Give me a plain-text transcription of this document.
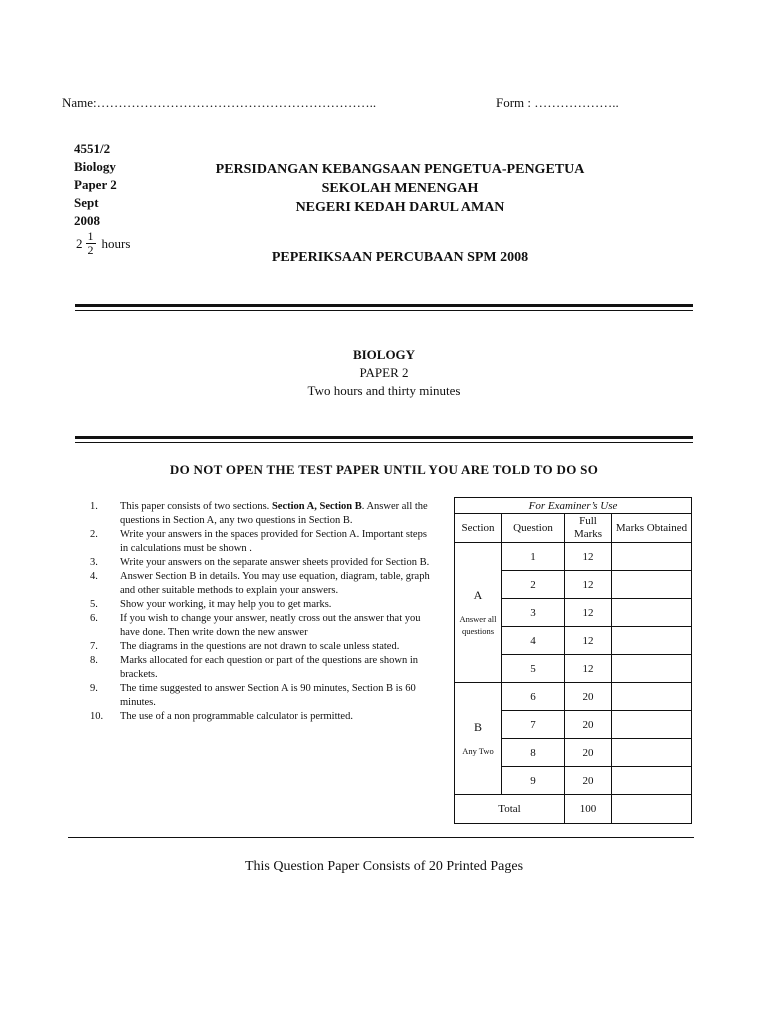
Name:………………………………………………………..	Form : ………………..
4551/2
Biology
Paper 2
Sept
2008
$2 \frac{1}{2}$ hours
PERSIDANGAN KEBANGSAAN PENGETUA-PENGETUA
SEKOLAH MENENGAH
NEGERI KEDAH DARUL AMAN
PEPERIKSAAN PERCUBAAN SPM 2008
BIOLOGY
PAPER 2
Two hours and thirty minutes
DO NOT OPEN THE TEST PAPER UNTIL YOU ARE TOLD TO DO SO
1.	This paper consists of two sections. Section A, Section B. Answer all the questions in Section A, any two questions in Section B.
2.	Write your answers in the spaces provided for Section A. Important steps in calculations must be shown .
3.	Write your answers on the separate answer sheets provided for Section B.
4.	Answer Section B in details. You may use equation, diagram, table, graph and other suitable methods to explain your answers.
5.	Show your working, it may help you to get marks.
6.	If you wish to change your answer, neatly cross out the answer that you have done. Then write down the new answer
7.	The diagrams in the questions are not drawn to scale unless stated.
8.	Marks allocated for each question or part of the questions are shown in brackets.
9.	The time suggested to answer Section A is 90 minutes, Section B is 60 minutes.
10.	The use of a non programmable calculator is permitted.
For Examiner’s Use			
Section	Question	Full Marks	Marks Obtained

A
Answer all questions	1	12	
	2	12	
	3	12	
	4	12	
	5	12	

B
Any Two	6	20	
	7	20	
	8	20	
	9	20	
Total		100	
This Question Paper Consists of 20 Printed Pages
